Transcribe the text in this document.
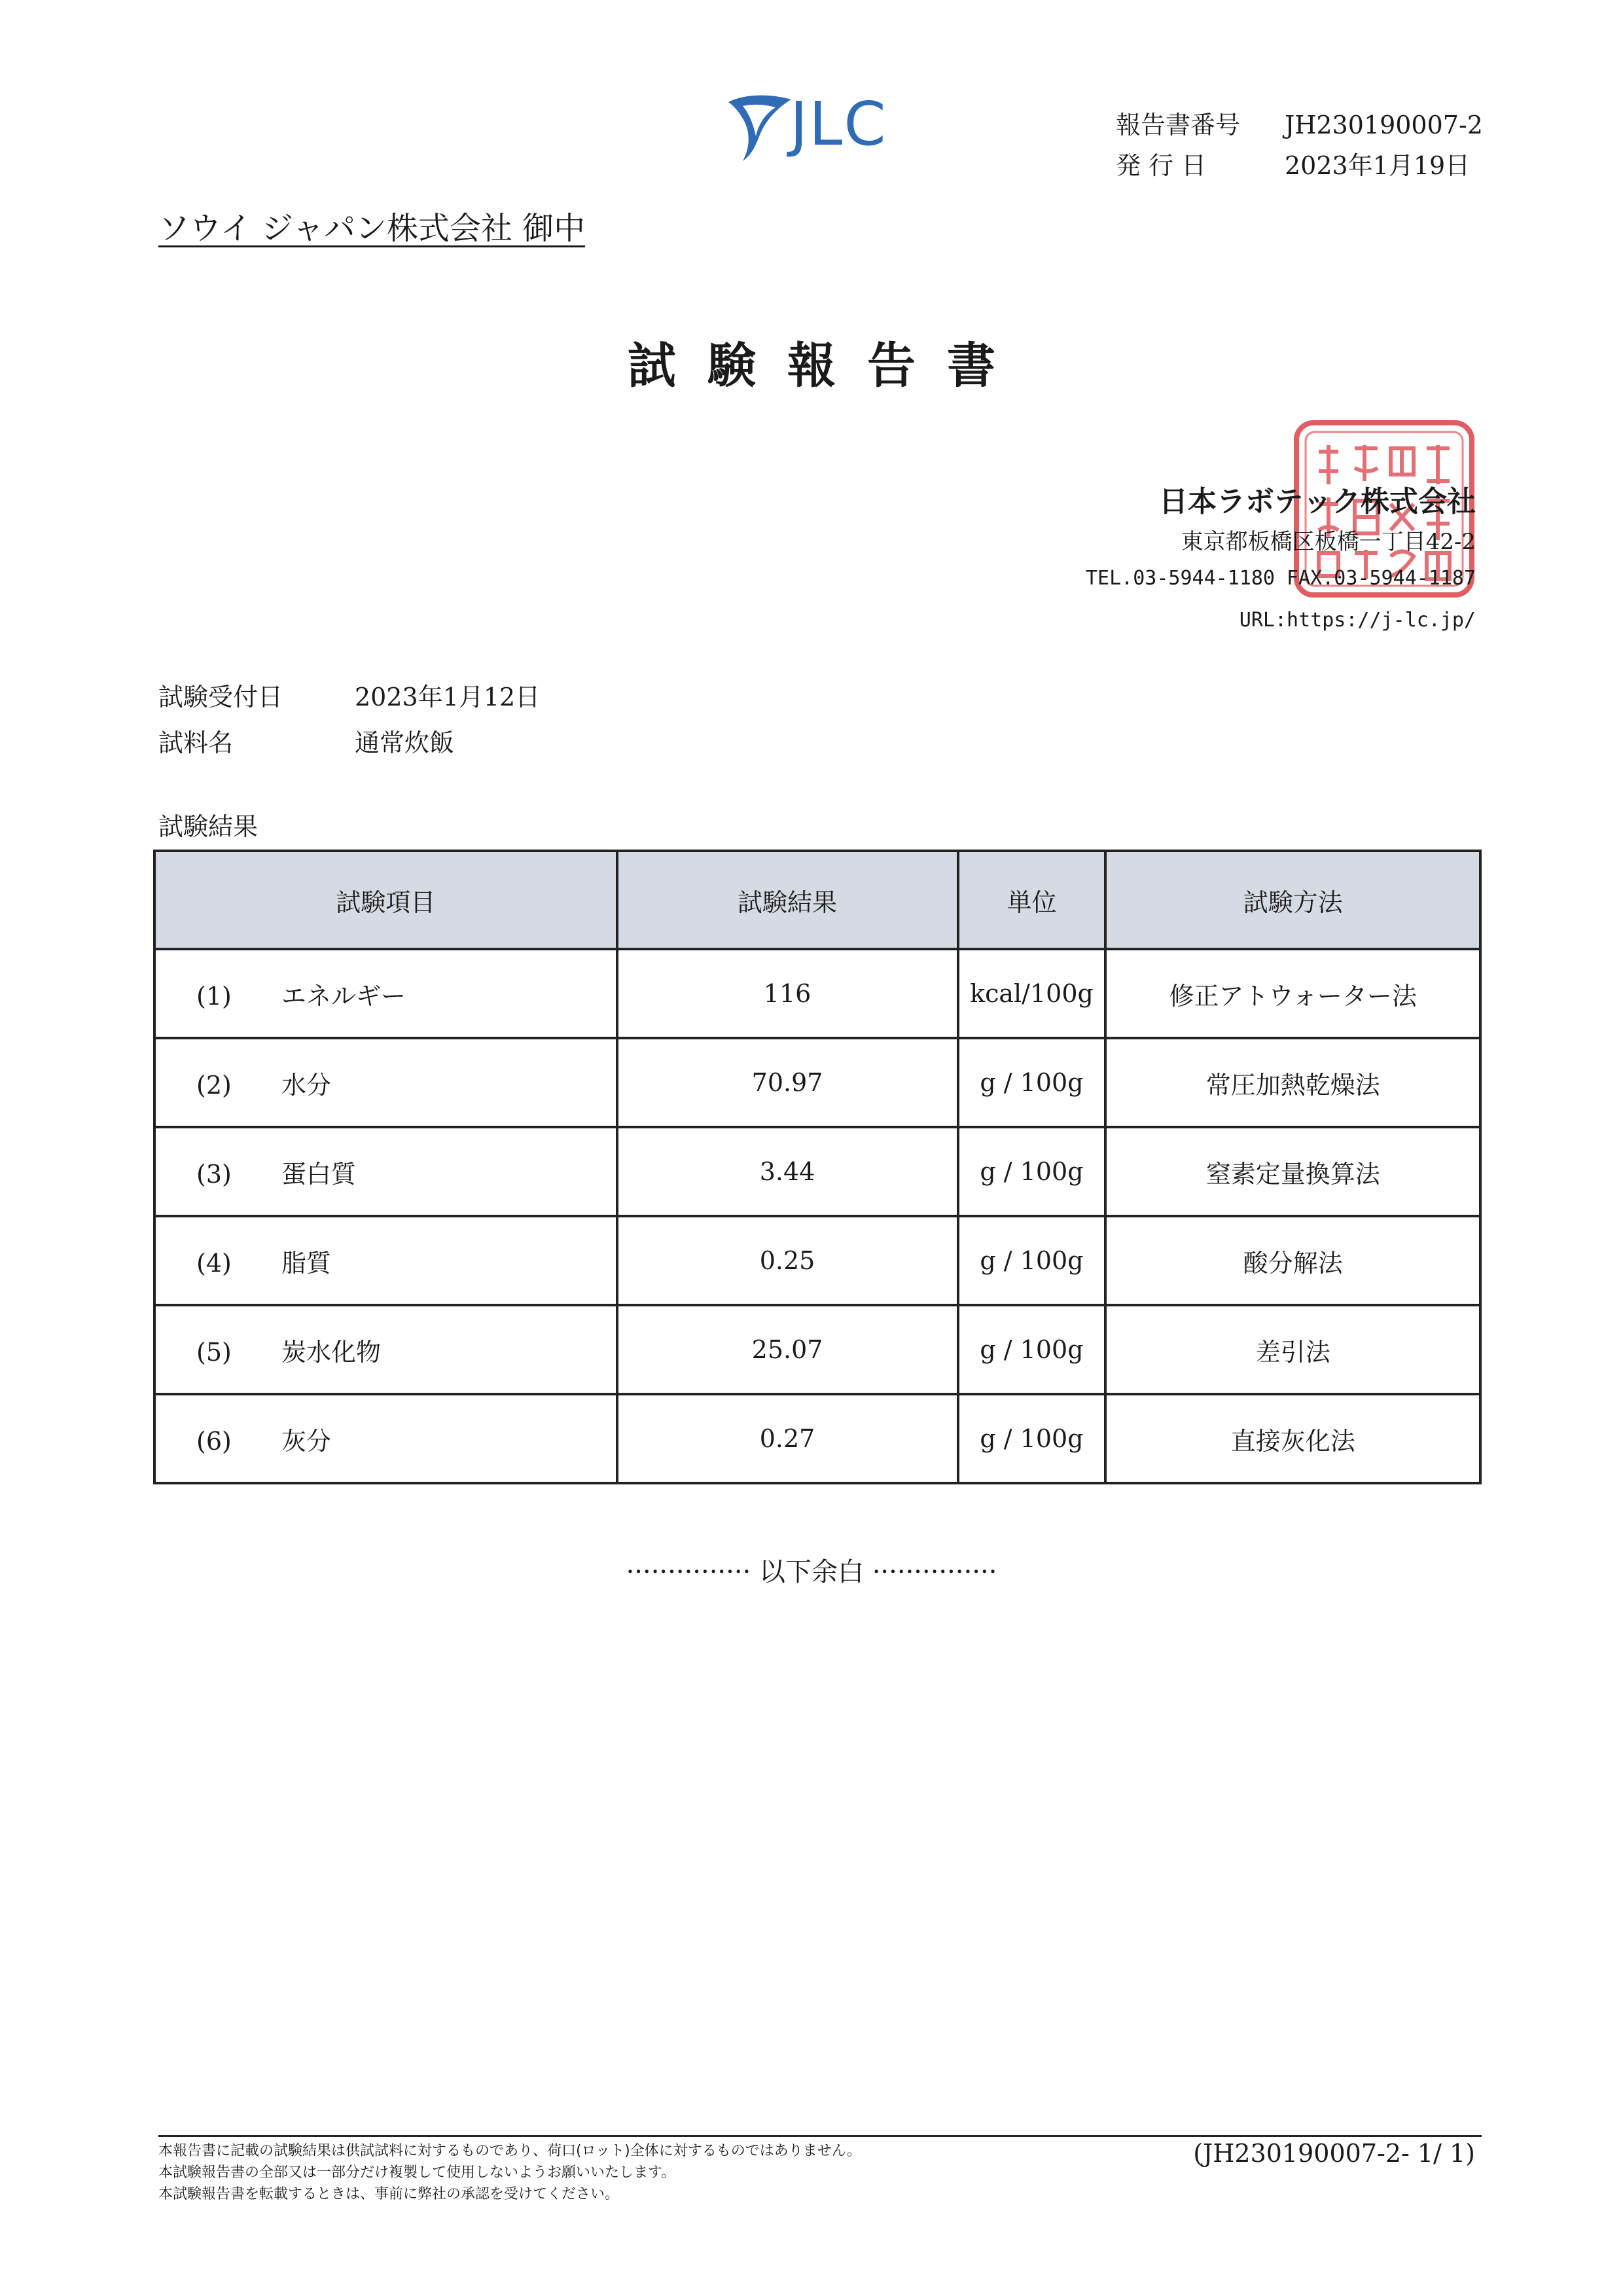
JLC	報告書番号	JH230190007-2
発 行 日	2023年1月19日
ソウイ ジャパン株式会社 御中
試験報告書
日本ラボテック株式会社
東京都板橋区板橋一丁目42-2
TEL.03-5944-1180 FAX.03-5944-1187
URL:https://j-lc.jp/
試験受付日	2023年1月12日
試料名	通常炊飯
試験結果
試験項目	試験結果	単位	試験方法
(1) エネルギー	116	kcal/100g	修正アトウォーター法
(2) 水分	70.97	g / 100g	常圧加熱乾燥法
(3) 蛋白質	3.44	g / 100g	窒素定量換算法
(4) 脂質	0.25	g / 100g	酸分解法
(5) 炭水化物	25.07	g / 100g	差引法
(6) 灰分	0.27	g / 100g	直接灰化法
··············· 以下余白 ···············
本報告書に記載の試験結果は供試試料に対するものであり、荷口(ロット)全体に対するものではありません。
本試験報告書の全部又は一部分だけ複製して使用しないようお願いいたします。
本試験報告書を転載するときは、事前に弊社の承認を受けてください。
(JH230190007-2- 1/ 1)
